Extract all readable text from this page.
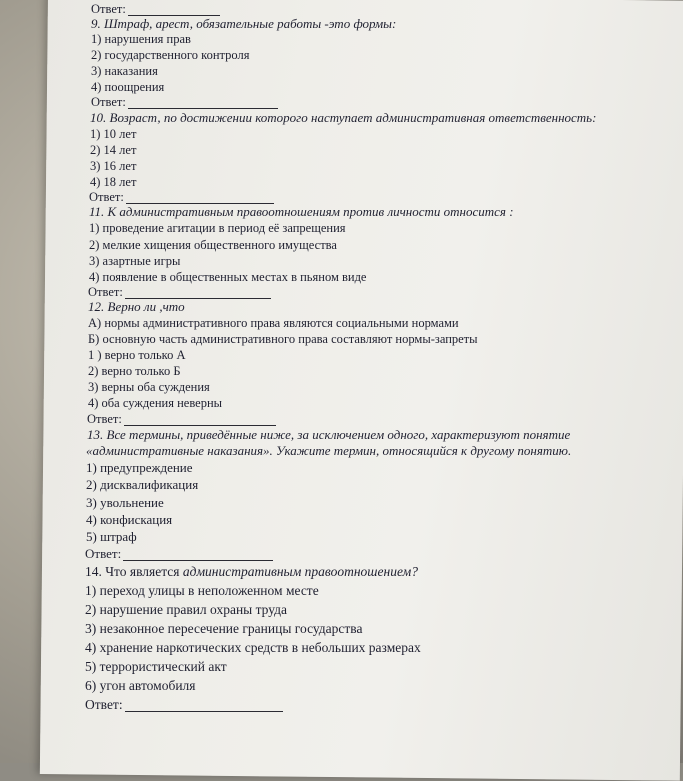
Ответ:
9. Штраф, арест, обязательные работы -это формы:
1) нарушения прав
2) государственного контроля
3) наказания
4) поощрения
Ответ:
10. Возраст, по достижении которого наступает административная ответственность:
1) 10 лет
2) 14 лет
3) 16 лет
4) 18 лет
Ответ:
11. К административным правоотношениям против личности относится :
1) проведение агитации в период её запрещения
2) мелкие хищения общественного имущества
3) азартные игры
4) появление в общественных местах в пьяном виде
Ответ:
12. Верно ли ,что
А) нормы административного права являются социальными нормами
Б) основную часть административного права составляют нормы-запреты
1 ) верно только А
2) верно только Б
3) верны оба суждения
4) оба суждения неверны
Ответ:
13. Все термины, приведённые ниже, за исключением одного, характеризуют понятие
«административные наказания». Укажите термин, относящийся к другому понятию.
1) предупреждение
2) дисквалификация
3) увольнение
4) конфискация
5) штраф
Ответ:
14. Что является административным правоотношением?
1) переход улицы в неположенном месте
2) нарушение правил охраны труда
3) незаконное пересечение границы государства
4) хранение наркотических средств в небольших размерах
5) террористический акт
6) угон автомобиля
Ответ:
